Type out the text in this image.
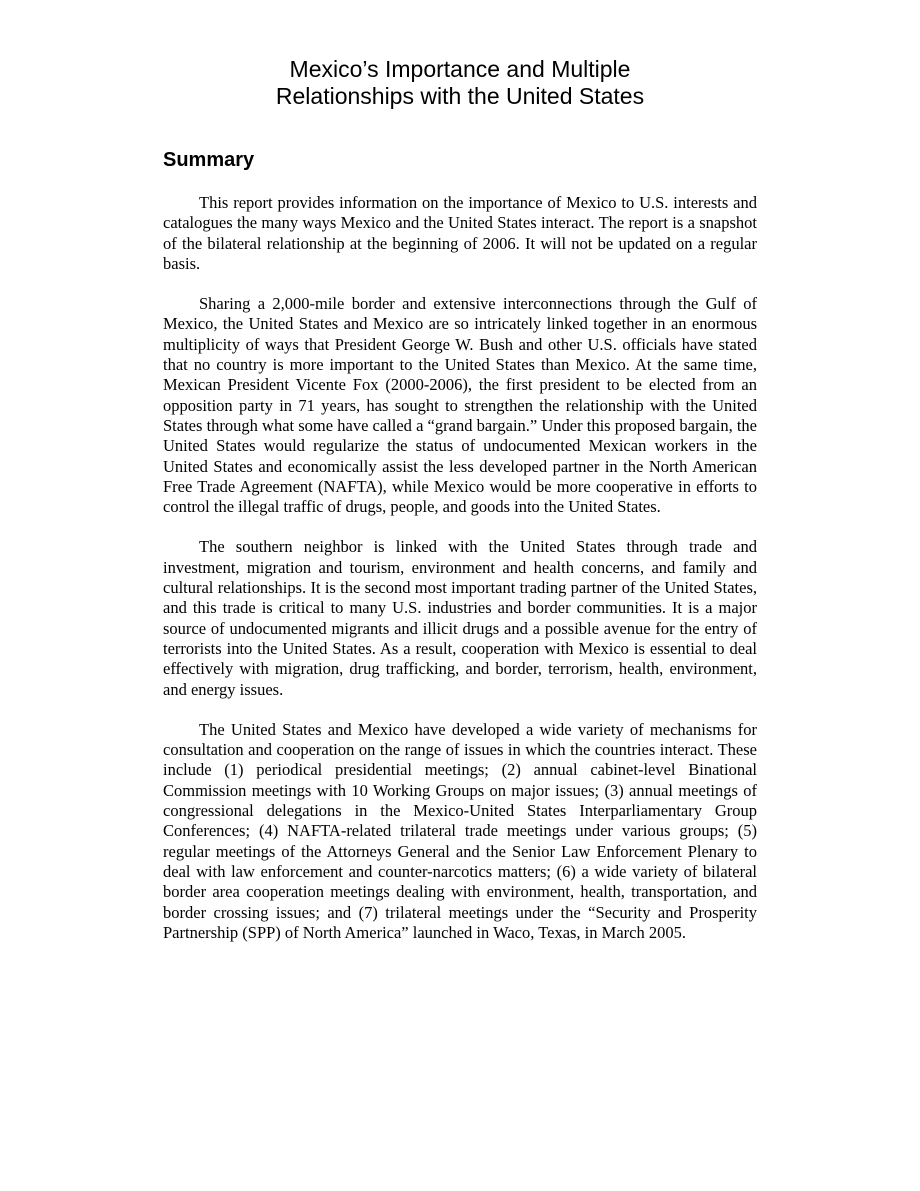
Mexico’s Importance and Multiple
Relationships with the United States
Summary

This report provides information on the importance of Mexico to U.S. interests and catalogues the many ways Mexico and the United States interact. The report is a snapshot of the bilateral relationship at the beginning of 2006. It will not be updated on a regular basis.

Sharing a 2,000-mile border and extensive interconnections through the Gulf of Mexico, the United States and Mexico are so intricately linked together in an enormous multiplicity of ways that President George W. Bush and other U.S. officials have stated that no country is more important to the United States than Mexico. At the same time, Mexican President Vicente Fox (2000-2006), the first president to be elected from an opposition party in 71 years, has sought to strengthen the relationship with the United States through what some have called a “grand bargain.” Under this proposed bargain, the United States would regularize the status of undocumented Mexican workers in the United States and economically assist the less developed partner in the North American Free Trade Agreement (NAFTA), while Mexico would be more cooperative in efforts to control the illegal traffic of drugs, people, and goods into the United States.

The southern neighbor is linked with the United States through trade and investment, migration and tourism, environment and health concerns, and family and cultural relationships. It is the second most important trading partner of the United States, and this trade is critical to many U.S. industries and border communities. It is a major source of undocumented migrants and illicit drugs and a possible avenue for the entry of terrorists into the United States. As a result, cooperation with Mexico is essential to deal effectively with migration, drug trafficking, and border, terrorism, health, environment, and energy issues.

The United States and Mexico have developed a wide variety of mechanisms for consultation and cooperation on the range of issues in which the countries interact. These include (1) periodical presidential meetings; (2) annual cabinet-level Binational Commission meetings with 10 Working Groups on major issues; (3) annual meetings of congressional delegations in the Mexico-United States Interparliamentary Group Conferences; (4) NAFTA-related trilateral trade meetings under various groups; (5) regular meetings of the Attorneys General and the Senior Law Enforcement Plenary to deal with law enforcement and counter-narcotics matters; (6) a wide variety of bilateral border area cooperation meetings dealing with environment, health, transportation, and border crossing issues; and (7) trilateral meetings under the “Security and Prosperity Partnership (SPP) of North America” launched in Waco, Texas, in March 2005.
